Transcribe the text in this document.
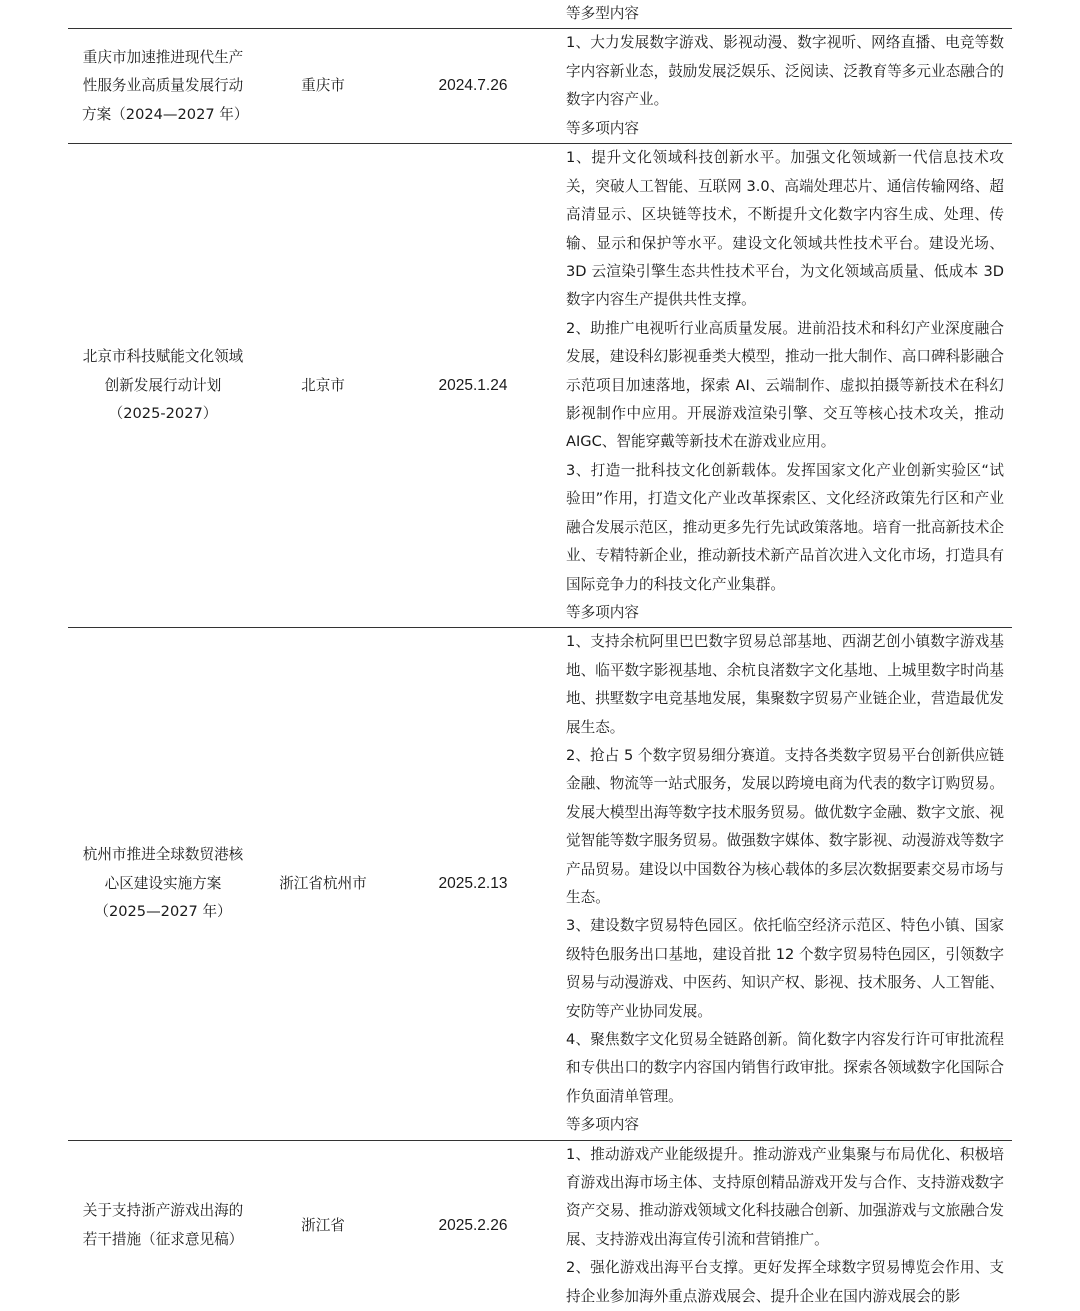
			等多型内容

重庆市加速推进现代生产性服务业高质量发展行动方案（2024—2027 年）	重庆市	2024.7.26	1、大力发展数字游戏、影视动漫、数字视听、网络直播、电竞等数字内容新业态，鼓励发展泛娱乐、泛阅读、泛教育等多元业态融合的数字内容产业。

等多项内容

北京市科技赋能文化领域创新发展行动计划（2025-2027）	北京市	2025.1.24	1、提升文化领域科技创新水平。加强文化领域新一代信息技术攻关，突破人工智能、互联网 3.0、高端处理芯片、通信传输网络、超高清显示、区块链等技术，不断提升文化数字内容生成、处理、传输、显示和保护等水平。建设文化领域共性技术平台。建设光场、3D 云渲染引擎生态共性技术平台，为文化领域高质量、低成本 3D 数字内容生产提供共性支撑。

2、助推广电视听行业高质量发展。进前沿技术和科幻产业深度融合发展，建设科幻影视垂类大模型，推动一批大制作、高口碑科影融合示范项目加速落地，探索 AI、云端制作、虚拟拍摄等新技术在科幻影视制作中应用。开展游戏渲染引擎、交互等核心技术攻关，推动 AIGC、智能穿戴等新技术在游戏业应用。

3、打造一批科技文化创新载体。发挥国家文化产业创新实验区“试验田”作用，打造文化产业改革探索区、文化经济政策先行区和产业融合发展示范区，推动更多先行先试政策落地。培育一批高新技术企业、专精特新企业，推动新技术新产品首次进入文化市场，打造具有国际竞争力的科技文化产业集群。

等多项内容

杭州市推进全球数贸港核心区建设实施方案（2025—2027 年）	浙江省杭州市	2025.2.13	1、支持余杭阿里巴巴数字贸易总部基地、西湖艺创小镇数字游戏基地、临平数字影视基地、余杭良渚数字文化基地、上城里数字时尚基地、拱墅数字电竞基地发展，集聚数字贸易产业链企业，营造最优发展生态。

2、抢占 5 个数字贸易细分赛道。支持各类数字贸易平台创新供应链金融、物流等一站式服务，发展以跨境电商为代表的数字订购贸易。发展大模型出海等数字技术服务贸易。做优数字金融、数字文旅、视觉智能等数字服务贸易。做强数字媒体、数字影视、动漫游戏等数字产品贸易。建设以中国数谷为核心载体的多层次数据要素交易市场与生态。

3、建设数字贸易特色园区。依托临空经济示范区、特色小镇、国家级特色服务出口基地，建设首批 12 个数字贸易特色园区，引领数字贸易与动漫游戏、中医药、知识产权、影视、技术服务、人工智能、安防等产业协同发展。

4、聚焦数字文化贸易全链路创新。简化数字内容发行许可审批流程和专供出口的数字内容国内销售行政审批。探索各领域数字化国际合作负面清单管理。

等多项内容

关于支持浙产游戏出海的若干措施（征求意见稿）	浙江省	2025.2.26	1、推动游戏产业能级提升。推动游戏产业集聚与布局优化、积极培育游戏出海市场主体、支持原创精品游戏开发与合作、支持游戏数字资产交易、推动游戏领域文化科技融合创新、加强游戏与文旅融合发展、支持游戏出海宣传引流和营销推广。

2、强化游戏出海平台支撑。更好发挥全球数字贸易博览会作用、支持企业参加海外重点游戏展会、提升企业在国内游戏展会的影
